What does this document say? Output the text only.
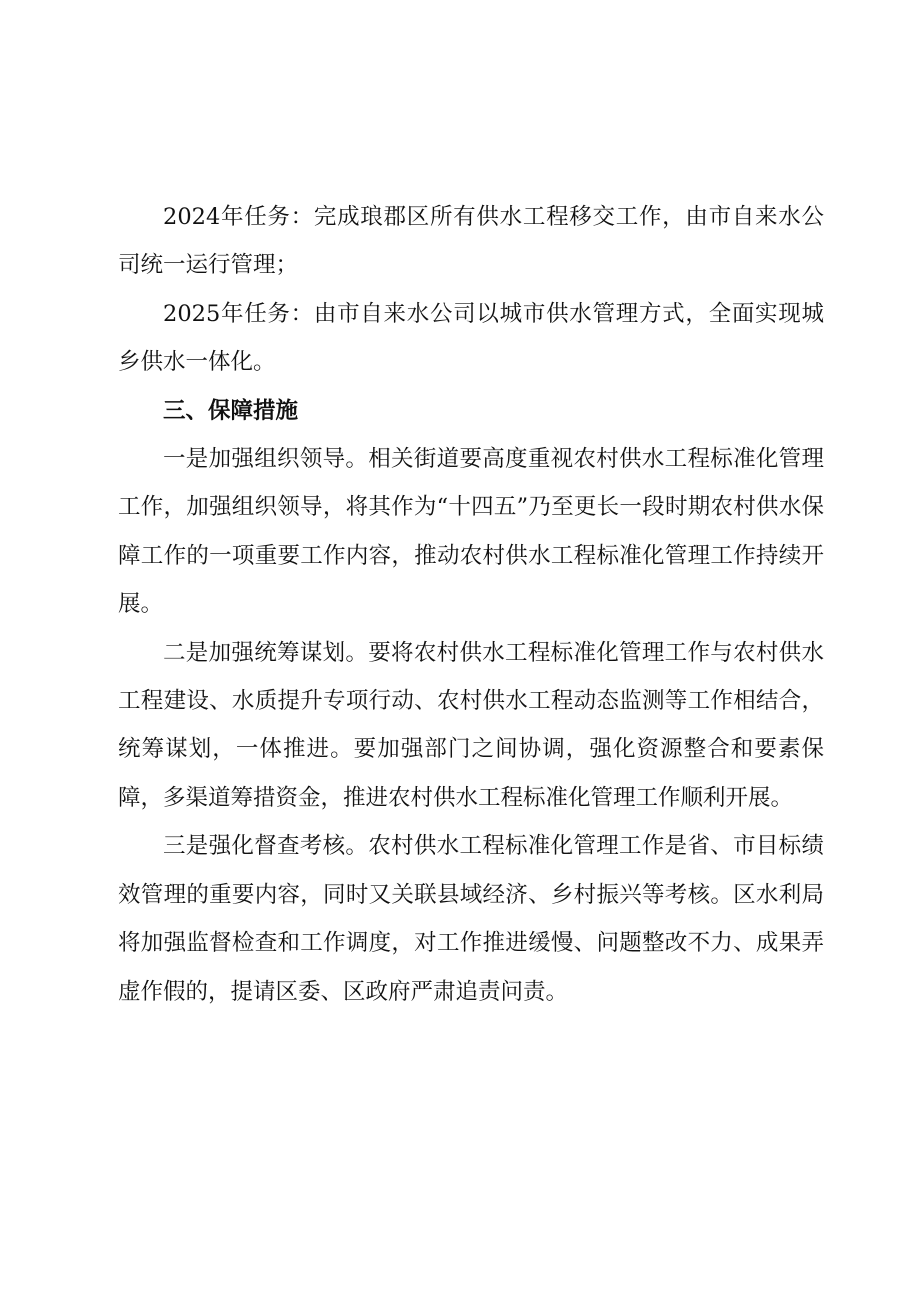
2024年任务：完成琅郡区所有供水工程移交工作，由市自来水公司统一运行管理；

2025年任务：由市自来水公司以城市供水管理方式，全面实现城乡供水一体化。

三、保障措施

一是加强组织领导。相关街道要高度重视农村供水工程标准化管理工作，加强组织领导，将其作为“十四五”乃至更长一段时期农村供水保障工作的一项重要工作内容，推动农村供水工程标准化管理工作持续开展。

二是加强统筹谋划。要将农村供水工程标准化管理工作与农村供水工程建设、水质提升专项行动、农村供水工程动态监测等工作相结合，统筹谋划，一体推进。要加强部门之间协调，强化资源整合和要素保障，多渠道筹措资金，推进农村供水工程标准化管理工作顺利开展。

三是强化督查考核。农村供水工程标准化管理工作是省、市目标绩效管理的重要内容，同时又关联县域经济、乡村振兴等考核。区水利局将加强监督检查和工作调度，对工作推进缓慢、问题整改不力、成果弄虚作假的，提请区委、区政府严肃追责问责。
